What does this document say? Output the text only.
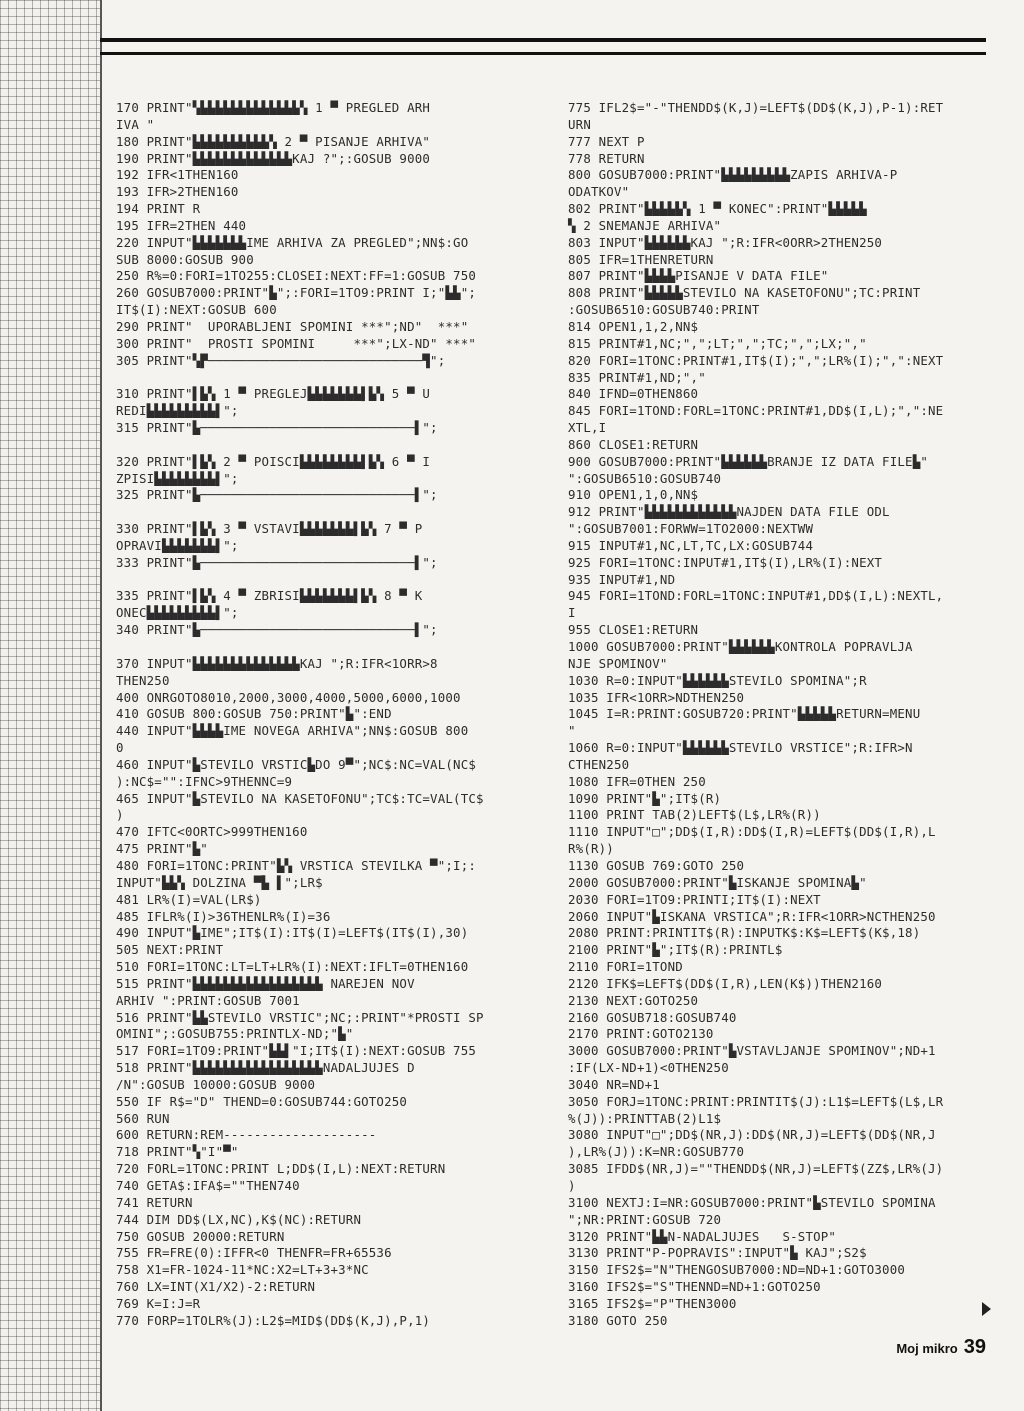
170 PRINT"▚▙▙▙▙▙▙▙▙▙▙▙▙▙▚ 1 ▀ PREGLED ARH
IVA "
180 PRINT"▙▙▙▙▙▙▙▙▙▙▚ 2 ▀ PISANJE ARHIVA"
190 PRINT"▙▙▙▙▙▙▙▙▙▙▙▙▙KAJ ?";:GOSUB 9000
192 IFR<1THEN160
193 IFR>2THEN160
194 PRINT R
195 IFR=2THEN 440
220 INPUT"▙▙▙▙▙▙▙IME ARHIVA ZA PREGLED";NN$:GO
SUB 8000:GOSUB 900
250 R%=0:FORI=1TO255:CLOSEI:NEXT:FF=1:GOSUB 750
260 GOSUB7000:PRINT"▙";:FORI=1TO9:PRINT I;"▙▙";
IT$(I):NEXT:GOSUB 600
290 PRINT"  UPORABLJENI SPOMINI ***";ND"  ***"
300 PRINT"  PROSTI SPOMINI     ***";LX-ND" ***"
305 PRINT"▚▛────────────────────────────▜";
310 PRINT"▌▙▚ 1 ▀ PREGLEJ▙▙▙▙▙▙▙▌▙▚ 5 ▀ U
REDI▙▙▙▙▙▙▙▙▙▌";
315 PRINT"▙────────────────────────────▌";
320 PRINT"▌▙▚ 2 ▀ POISCI▙▙▙▙▙▙▙▙▌▙▚ 6 ▀ I
ZPISI▙▙▙▙▙▙▙▙▌";
325 PRINT"▙────────────────────────────▌";
330 PRINT"▌▙▚ 3 ▀ VSTAVI▙▙▙▙▙▙▙▌▙▚ 7 ▀ P
OPRAVI▙▙▙▙▙▙▙▌";
333 PRINT"▙────────────────────────────▌";
335 PRINT"▌▙▚ 4 ▀ ZBRISI▙▙▙▙▙▙▙▌▙▚ 8 ▀ K
ONEC▙▙▙▙▙▙▙▙▙▌";
340 PRINT"▙────────────────────────────▌";
370 INPUT"▙▙▙▙▙▙▙▙▙▙▙▙▙▙KAJ ";R:IFR<1ORR>8
THEN250
400 ONRGOTO8010,2000,3000,4000,5000,6000,1000
410 GOSUB 800:GOSUB 750:PRINT"▙":END
440 INPUT"▙▙▙▙IME NOVEGA ARHIVA";NN$:GOSUB 800
0
460 INPUT"▙STEVILO VRSTIC▙DO 9▀";NC$:NC=VAL(NC$
):NC$="":IFNC>9THENNC=9
465 INPUT"▙STEVILO NA KASETOFONU";TC$:TC=VAL(TC$
)
470 IFTC<0ORTC>999THEN160
475 PRINT"▙"
480 FORI=1TONC:PRINT"▙▚ VRSTICA STEVILKA ▀";I;:
INPUT"▙▙▚ DOLZINA ▀▙ ▌";LR$
481 LR%(I)=VAL(LR$)
485 IFLR%(I)>36THENLR%(I)=36
490 INPUT"▙IME";IT$(I):IT$(I)=LEFT$(IT$(I),30)
505 NEXT:PRINT
510 FORI=1TONC:LT=LT+LR%(I):NEXT:IFLT=0THEN160
515 PRINT"▙▙▙▙▙▙▙▙▙▙▙▙▙▙▙▙▙ NAREJEN NOV
ARHIV ":PRINT:GOSUB 7001
516 PRINT"▙▙STEVILO VRSTIC";NC;:PRINT"*PROSTI SP
OMINI";:GOSUB755:PRINTLX-ND;"▙"
517 FORI=1TO9:PRINT"▙▙▌"I;IT$(I):NEXT:GOSUB 755
518 PRINT"▙▙▙▙▙▙▙▙▙▙▙▙▙▙▙▙▙NADALJUJES D
/N":GOSUB 10000:GOSUB 9000
550 IF R$="D" THEND=0:GOSUB744:GOTO250
560 RUN
600 RETURN:REM--------------------
718 PRINT"▚"I"▀"
720 FORL=1TONC:PRINT L;DD$(I,L):NEXT:RETURN
740 GETA$:IFA$=""THEN740
741 RETURN
744 DIM DD$(LX,NC),K$(NC):RETURN
750 GOSUB 20000:RETURN
755 FR=FRE(0):IFFR<0 THENFR=FR+65536
758 X1=FR-1024-11*NC:X2=LT+3+3*NC
760 LX=INT(X1/X2)-2:RETURN
769 K=I:J=R
770 FORP=1TOLR%(J):L2$=MID$(DD$(K,J),P,1)
775 IFL2$="-"THENDD$(K,J)=LEFT$(DD$(K,J),P-1):RET
URN
777 NEXT P
778 RETURN
800 GOSUB7000:PRINT"▙▙▙▙▙▙▙▙▙ZAPIS ARHIVA-P
ODATKOV"
802 PRINT"▙▙▙▙▙▚ 1 ▀ KONEC":PRINT"▙▙▙▙▙
▚ 2 SNEMANJE ARHIVA"
803 INPUT"▙▙▙▙▙▙KAJ ";R:IFR<0ORR>2THEN250
805 IFR=1THENRETURN
807 PRINT"▙▙▙▙PISANJE V DATA FILE"
808 PRINT"▙▙▙▙▙STEVILO NA KASETOFONU";TC:PRINT
:GOSUB6510:GOSUB740:PRINT
814 OPEN1,1,2,NN$
815 PRINT#1,NC;",";LT;",";TC;",";LX;","
820 FORI=1TONC:PRINT#1,IT$(I);",";LR%(I);",":NEXT
835 PRINT#1,ND;","
840 IFND=0THEN860
845 FORI=1TOND:FORL=1TONC:PRINT#1,DD$(I,L);",":NE
XTL,I
860 CLOSE1:RETURN
900 GOSUB7000:PRINT"▙▙▙▙▙▙BRANJE IZ DATA FILE▙"
":GOSUB6510:GOSUB740
910 OPEN1,1,0,NN$
912 PRINT"▙▙▙▙▙▙▙▙▙▙▙▙NAJDEN DATA FILE ODL
":GOSUB7001:FORWW=1TO2000:NEXTWW
915 INPUT#1,NC,LT,TC,LX:GOSUB744
925 FORI=1TONC:INPUT#1,IT$(I),LR%(I):NEXT
935 INPUT#1,ND
945 FORI=1TOND:FORL=1TONC:INPUT#1,DD$(I,L):NEXTL,
I
955 CLOSE1:RETURN
1000 GOSUB7000:PRINT"▙▙▙▙▙▙KONTROLA POPRAVLJA
NJE SPOMINOV"
1030 R=0:INPUT"▙▙▙▙▙▙STEVILO SPOMINA";R
1035 IFR<1ORR>NDTHEN250
1045 I=R:PRINT:GOSUB720:PRINT"▙▙▙▙▙RETURN=MENU
"
1060 R=0:INPUT"▙▙▙▙▙▙STEVILO VRSTICE";R:IFR>N
CTHEN250
1080 IFR=0THEN 250
1090 PRINT"▙";IT$(R)
1100 PRINT TAB(2)LEFT$(L$,LR%(R))
1110 INPUT"□";DD$(I,R):DD$(I,R)=LEFT$(DD$(I,R),L
R%(R))
1130 GOSUB 769:GOTO 250
2000 GOSUB7000:PRINT"▙ISKANJE SPOMINA▙"
2030 FORI=1TO9:PRINTI;IT$(I):NEXT
2060 INPUT"▙ISKANA VRSTICA";R:IFR<1ORR>NCTHEN250
2080 PRINT:PRINTIT$(R):INPUTK$:K$=LEFT$(K$,18)
2100 PRINT"▙";IT$(R):PRINTL$
2110 FORI=1TOND
2120 IFK$=LEFT$(DD$(I,R),LEN(K$))THEN2160
2130 NEXT:GOTO250
2160 GOSUB718:GOSUB740
2170 PRINT:GOTO2130
3000 GOSUB7000:PRINT"▙VSTAVLJANJE SPOMINOV";ND+1
:IF(LX-ND+1)<0THEN250
3040 NR=ND+1
3050 FORJ=1TONC:PRINT:PRINTIT$(J):L1$=LEFT$(L$,LR
%(J)):PRINTTAB(2)L1$
3080 INPUT"□";DD$(NR,J):DD$(NR,J)=LEFT$(DD$(NR,J
),LR%(J)):K=NR:GOSUB770
3085 IFDD$(NR,J)=""THENDD$(NR,J)=LEFT$(ZZ$,LR%(J)
)
3100 NEXTJ:I=NR:GOSUB7000:PRINT"▙STEVILO SPOMINA
";NR:PRINT:GOSUB 720
3120 PRINT"▙▙N-NADALJUJES   S-STOP"
3130 PRINT"P-POPRAVIS":INPUT"▙ KAJ";S2$
3150 IFS2$="N"THENGOSUB7000:ND=ND+1:GOTO3000
3160 IFS2$="S"THENND=ND+1:GOTO250
3165 IFS2$="P"THEN3000
3180 GOTO 250
Moj mikro 39
